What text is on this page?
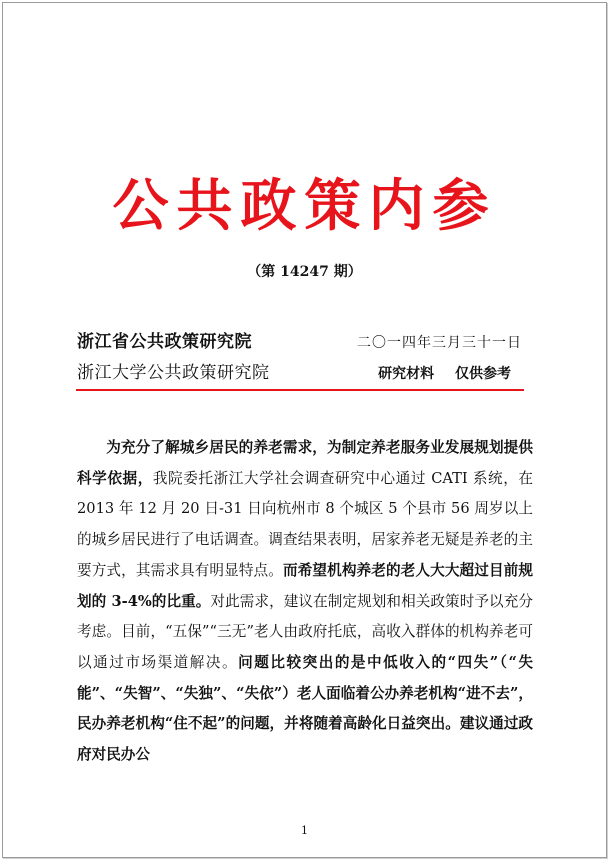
公共政策内参
（第 14247 期）
浙江省公共政策研究院	二〇一四年三月三十一日
浙江大学公共政策研究院	研究材料 仅供参考

为充分了解城乡居民的养老需求，为制定养老服务业发展规划提供科学依据，我院委托浙江大学社会调查研究中心通过 CATI 系统，在 2013 年 12 月 20 日-31 日向杭州市 8 个城区 5 个县市 56 周岁以上的城乡居民进行了电话调查。调查结果表明，居家养老无疑是养老的主要方式，其需求具有明显特点。而希望机构养老的老人大大超过目前规划的 3-4%的比重。对此需求，建议在制定规划和相关政策时予以充分考虑。目前，“五保”“三无”老人由政府托底，高收入群体的机构养老可以通过市场渠道解决。问题比较突出的是中低收入的“四失”（“失能”、“失智”、“失独”、“失依”）老人面临着公办养老机构“进不去”，民办养老机构“住不起”的问题，并将随着高龄化日益突出。建议通过政府对民办公

1
